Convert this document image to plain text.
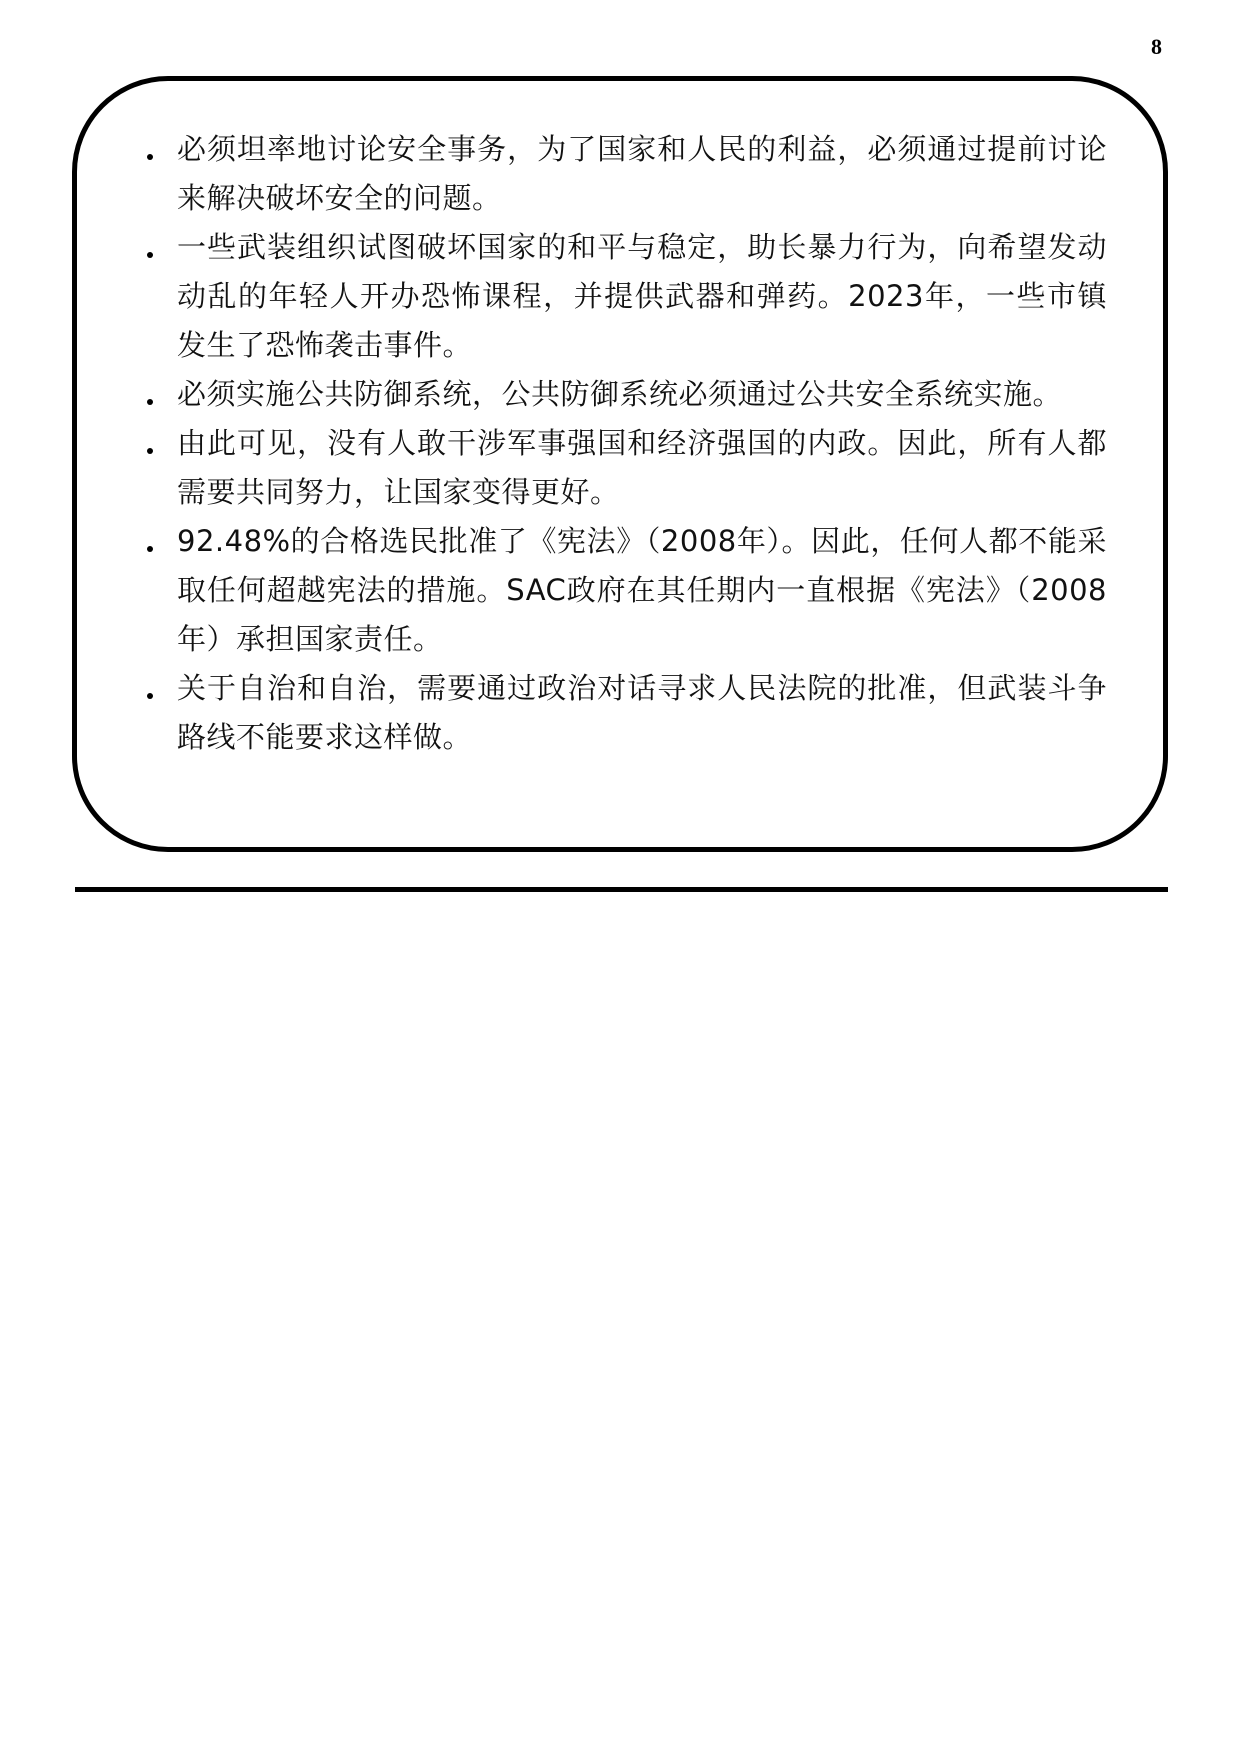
8
必须坦率地讨论安全事务，为了国家和人民的利益，必须通过提前讨论来解决破坏安全的问题。
一些武装组织试图破坏国家的和平与稳定，助长暴力行为，向希望发动动乱的年轻人开办恐怖课程，并提供武器和弹药。2023年，一些市镇发生了恐怖袭击事件。
必须实施公共防御系统，公共防御系统必须通过公共安全系统实施。
由此可见，没有人敢干涉军事强国和经济强国的内政。因此，所有人都需要共同努力，让国家变得更好。
92.48%的合格选民批准了《宪法》（2008年）。因此，任何人都不能采取任何超越宪法的措施。SAC政府在其任期内一直根据《宪法》（2008年）承担国家责任。
关于自治和自治，需要通过政治对话寻求人民法院的批准，但武装斗争路线不能要求这样做。
